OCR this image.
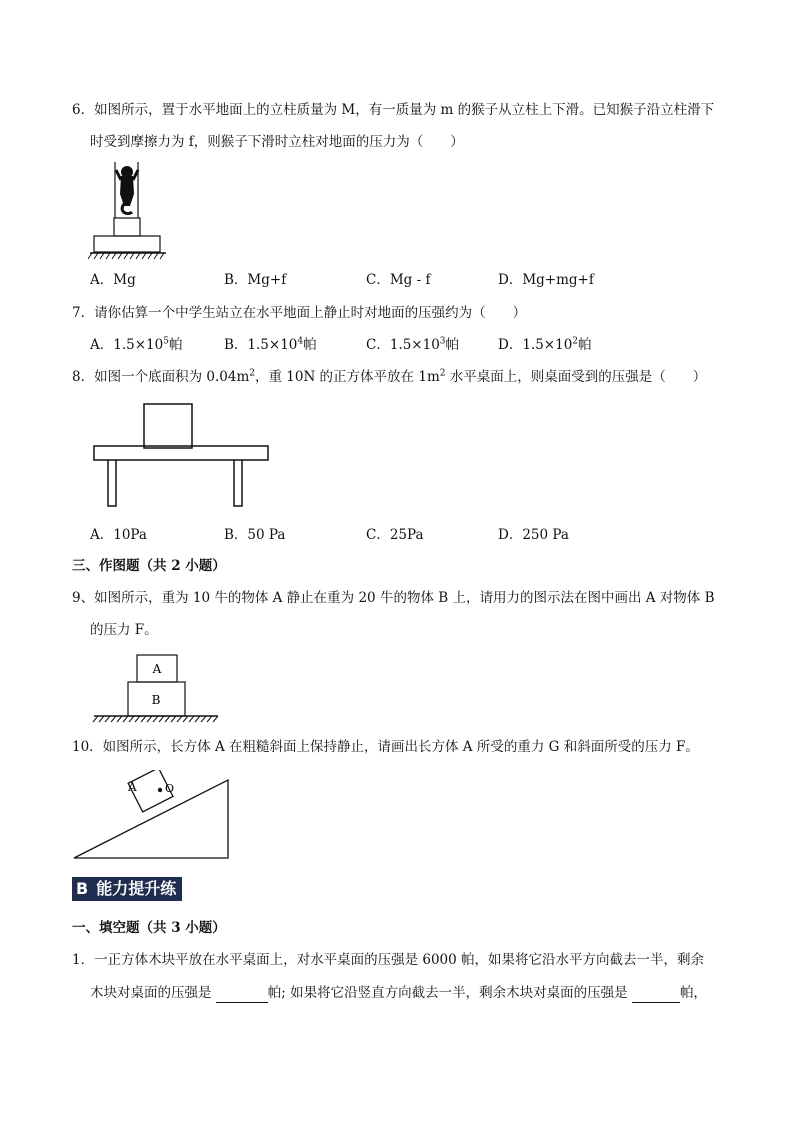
6．如图所示，置于水平地面上的立柱质量为 M，有一质量为 m 的猴子从立柱上下滑。已知猴子沿立柱滑下
时受到摩擦力为 f，则猴子下滑时立柱对地面的压力为（　　）
A．Mg	B．Mg+f	C．Mg - f	D．Mg+mg+f
7．请你估算一个中学生站立在水平地面上静止时对地面的压强约为（　　）
A．$1.5\times 10^5$帕	B．$1.5\times 10^4$帕	C．$1.5\times 10^3$帕	D．$1.5\times 10^2$帕
8．如图一个底面积为 $0.04m^2$，重 10N 的正方体平放在 $1m^2$ 水平桌面上，则桌面受到的压强是（　　）
A．10Pa	B．50 Pa	C．25Pa	D．250 Pa
三、作图题（共 2 小题）
9、如图所示，重为 10 牛的物体 A 静止在重为 20 牛的物体 B 上，请用力的图示法在图中画出 A 对物体 B
的压力 F。
A
B
10．如图所示，长方体 A 在粗糙斜面上保持静止，请画出长方体 A 所受的重力 G 和斜面所受的压力 F。
A	O
B 能力提升练
一、填空题（共 3 小题）
1．一正方体木块平放在水平桌面上，对水平桌面的压强是 6000 帕，如果将它沿水平方向截去一半，剩余
木块对桌面的压强是	帕; 如果将它沿竖直方向截去一半，剩余木块对桌面的压强是	帕，
